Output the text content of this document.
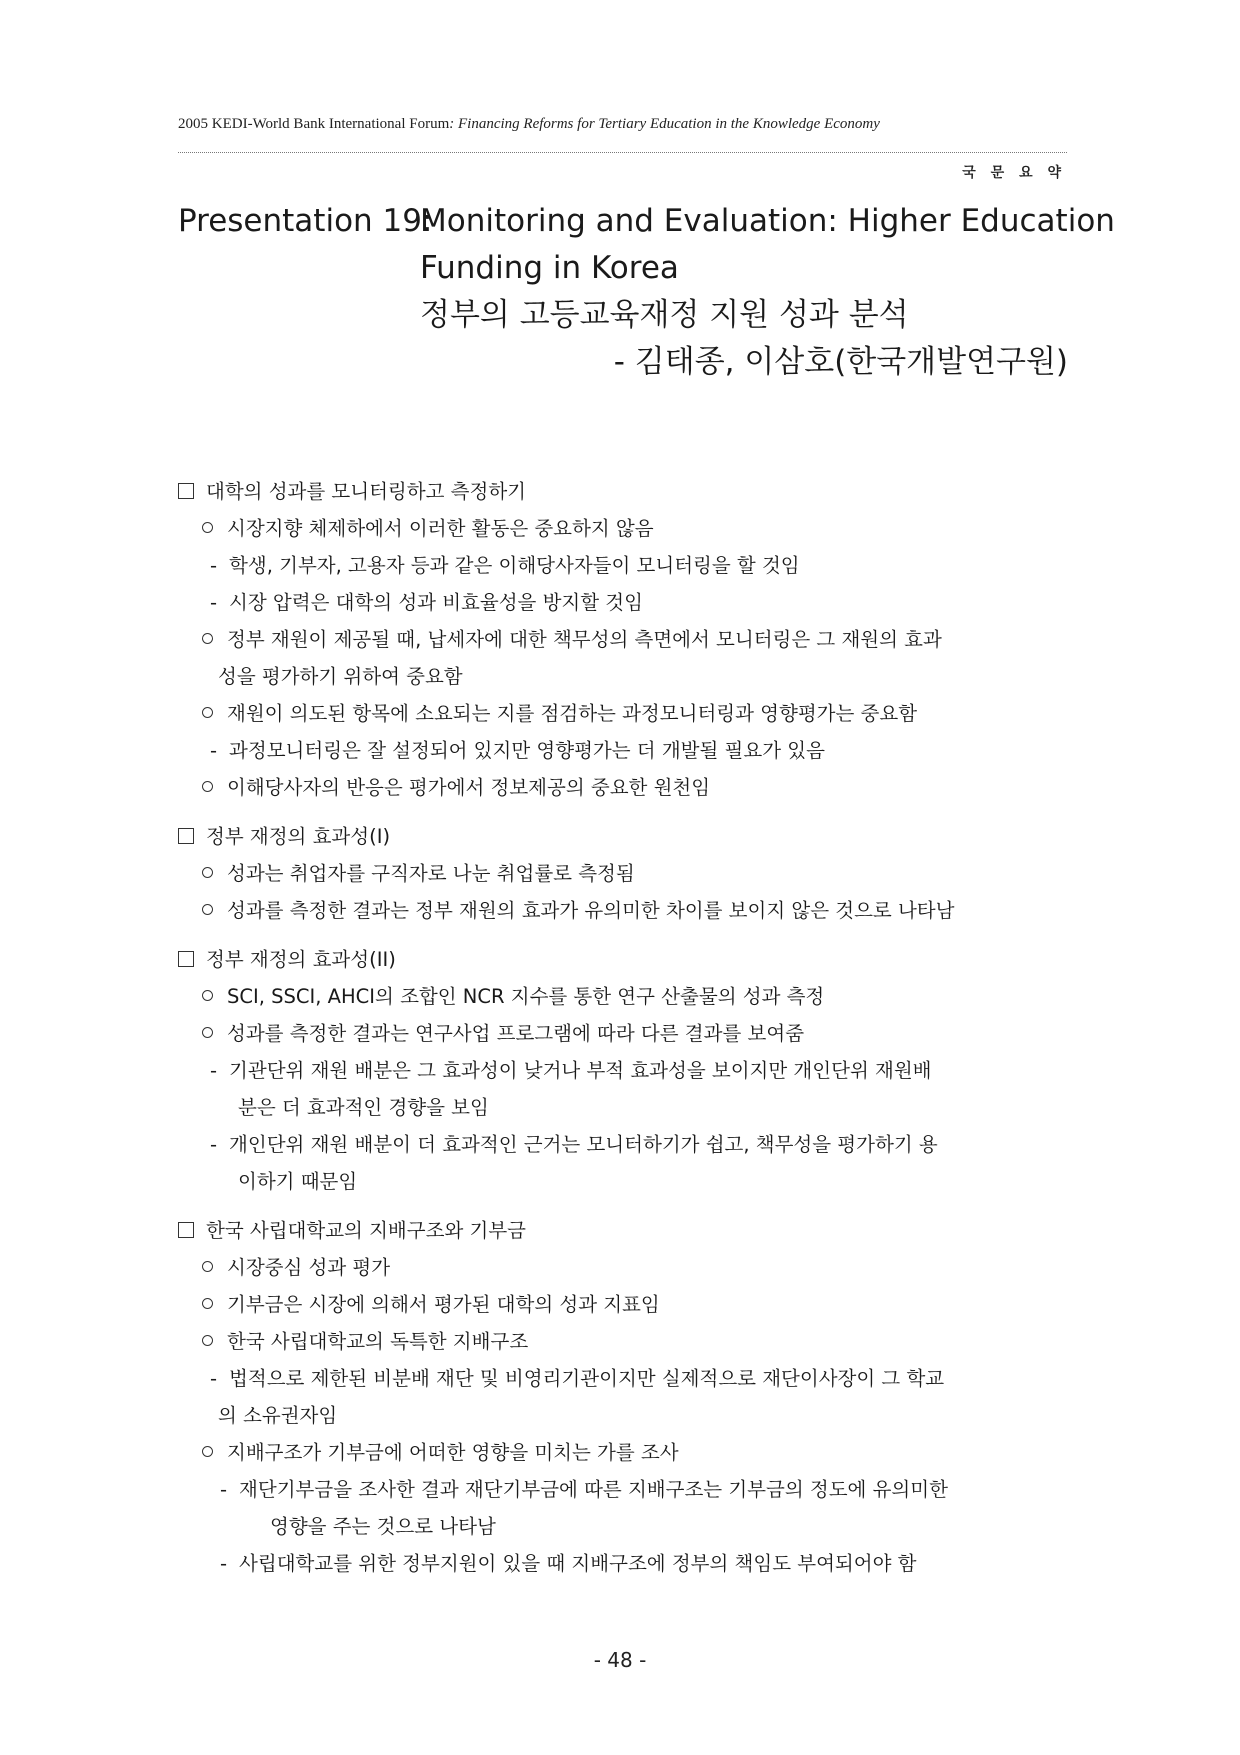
2005 KEDI-World Bank International Forum: Financing Reforms for Tertiary Education in the Knowledge Economy
국 문 요 약
Presentation 19:
Monitoring and Evaluation: Higher Education
Funding in Korea
정부의 고등교육재정 지원 성과 분석
- 김태종, 이삼호(한국개발연구원)
대학의 성과를 모니터링하고 측정하기
시장지향 체제하에서 이러한 활동은 중요하지 않음
- 학생, 기부자, 고용자 등과 같은 이해당사자들이 모니터링을 할 것임
- 시장 압력은 대학의 성과 비효율성을 방지할 것임
정부 재원이 제공될 때, 납세자에 대한 책무성의 측면에서 모니터링은 그 재원의 효과
성을 평가하기 위하여 중요함
재원이 의도된 항목에 소요되는 지를 점검하는 과정모니터링과 영향평가는 중요함
- 과정모니터링은 잘 설정되어 있지만 영향평가는 더 개발될 필요가 있음
이해당사자의 반응은 평가에서 정보제공의 중요한 원천임
정부 재정의 효과성(I)
성과는 취업자를 구직자로 나눈 취업률로 측정됨
성과를 측정한 결과는 정부 재원의 효과가 유의미한 차이를 보이지 않은 것으로 나타남
정부 재정의 효과성(II)
SCI, SSCI, AHCI의 조합인 NCR 지수를 통한 연구 산출물의 성과 측정
성과를 측정한 결과는 연구사업 프로그램에 따라 다른 결과를 보여줌
- 기관단위 재원 배분은 그 효과성이 낮거나 부적 효과성을 보이지만 개인단위 재원배
분은 더 효과적인 경향을 보임
- 개인단위 재원 배분이 더 효과적인 근거는 모니터하기가 쉽고, 책무성을 평가하기 용
이하기 때문임
한국 사립대학교의 지배구조와 기부금
시장중심 성과 평가
기부금은 시장에 의해서 평가된 대학의 성과 지표임
한국 사립대학교의 독특한 지배구조
- 법적으로 제한된 비분배 재단 및 비영리기관이지만 실제적으로 재단이사장이 그 학교
의 소유권자임
지배구조가 기부금에 어떠한 영향을 미치는 가를 조사
- 재단기부금을 조사한 결과 재단기부금에 따른 지배구조는 기부금의 정도에 유의미한
영향을 주는 것으로 나타남
- 사립대학교를 위한 정부지원이 있을 때 지배구조에 정부의 책임도 부여되어야 함
- 48 -
